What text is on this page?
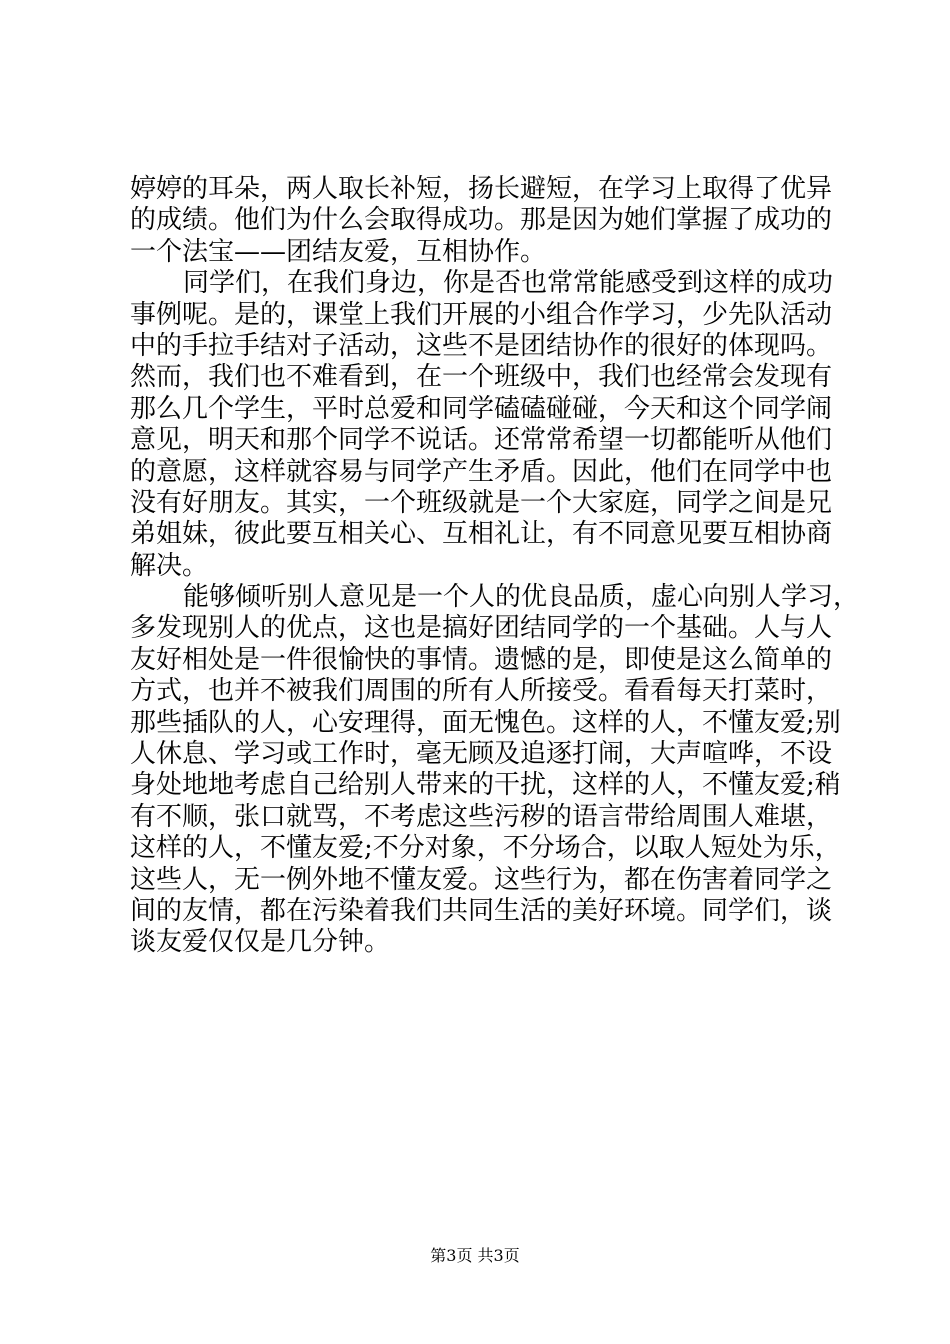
婷婷的耳朵，两人取长补短，扬长避短，在学习上取得了优异
的成绩。他们为什么会取得成功。那是因为她们掌握了成功的
一个法宝——团结友爱，互相协作。
同学们，在我们身边，你是否也常常能感受到这样的成功
事例呢。是的，课堂上我们开展的小组合作学习，少先队活动
中的手拉手结对子活动，这些不是团结协作的很好的体现吗。
然而，我们也不难看到，在一个班级中，我们也经常会发现有
那么几个学生，平时总爱和同学磕磕碰碰，今天和这个同学闹
意见，明天和那个同学不说话。还常常希望一切都能听从他们
的意愿，这样就容易与同学产生矛盾。因此，他们在同学中也
没有好朋友。其实，一个班级就是一个大家庭，同学之间是兄
弟姐妹，彼此要互相关心、互相礼让，有不同意见要互相协商
解决。
能够倾听别人意见是一个人的优良品质，虚心向别人学习，
多发现别人的优点，这也是搞好团结同学的一个基础。人与人
友好相处是一件很愉快的事情。遗憾的是，即使是这么简单的
方式，也并不被我们周围的所有人所接受。看看每天打菜时，
那些插队的人，心安理得，面无愧色。这样的人，不懂友爱;别
人休息、学习或工作时，毫无顾及追逐打闹，大声喧哗，不设
身处地地考虑自己给别人带来的干扰，这样的人，不懂友爱;稍
有不顺，张口就骂，不考虑这些污秽的语言带给周围人难堪，
这样的人，不懂友爱;不分对象，不分场合，以取人短处为乐，
这些人，无一例外地不懂友爱。这些行为，都在伤害着同学之
间的友情，都在污染着我们共同生活的美好环境。同学们，谈
谈友爱仅仅是几分钟。
第3页 共3页
